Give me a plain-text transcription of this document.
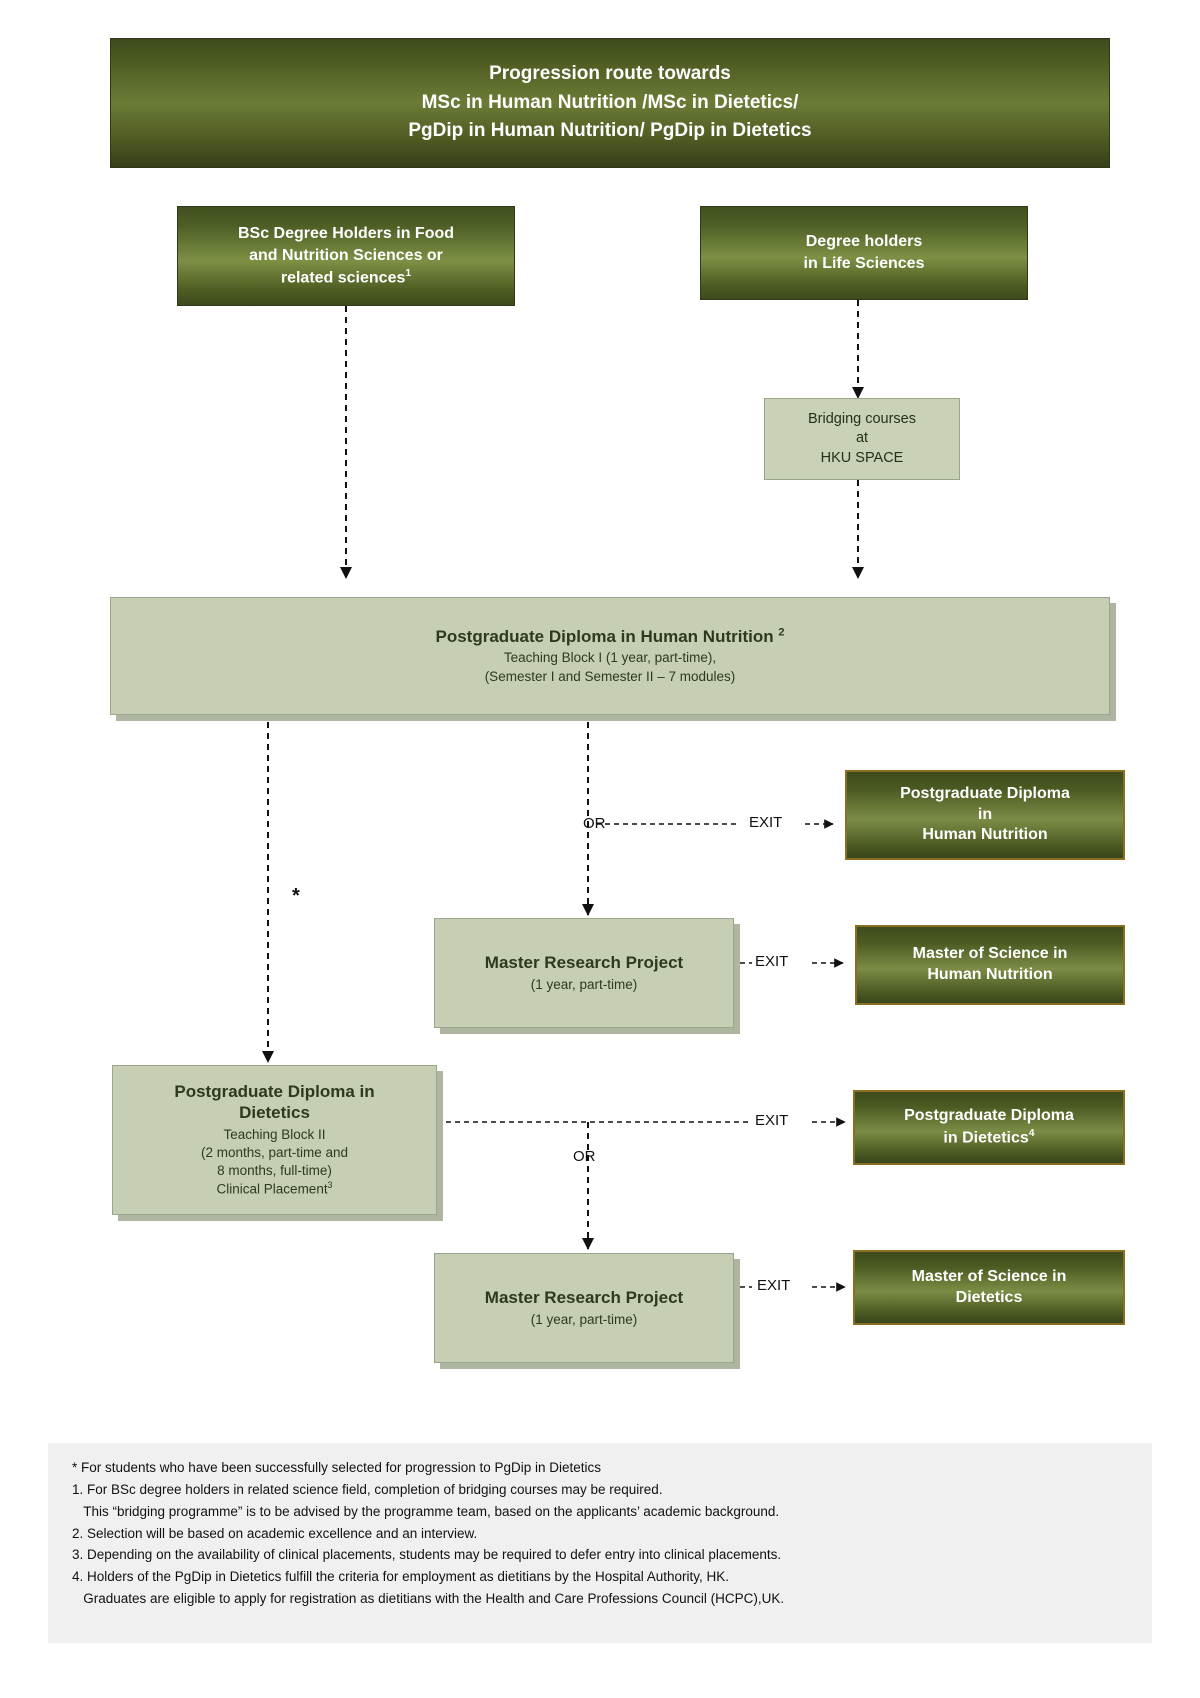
Progression route towards
MSc in Human Nutrition /MSc in Dietetics/
PgDip in Human Nutrition/ PgDip in Dietetics
BSc Degree Holders in Food
and Nutrition Sciences or
related sciences$^1$
Degree holders
in Life Sciences
Bridging courses
at
HKU SPACE
Postgraduate Diploma in Human Nutrition $^2$
Teaching Block I (1 year, part-time),
(Semester I and Semester II – 7 modules)
OR	EXIT
*
Postgraduate Diploma
in
Human Nutrition
Master Research Project
(1 year, part-time)
EXIT	Master of Science in
Human Nutrition
Postgraduate Diploma in
Dietetics
Teaching Block II
(2 months, part-time and
8 months, full-time)
Clinical Placement$^3$
OR
EXIT	Postgraduate Diploma
in Dietetics$^4$
Master Research Project
(1 year, part-time)
EXIT
Master of Science in
Dietetics
* For students who have been successfully selected for progression to PgDip in Dietetics
1. For BSc degree holders in related science field, completion of bridging courses may be required.
This “bridging programme” is to be advised by the programme team, based on the applicants’ academic background.
2. Selection will be based on academic excellence and an interview.
3. Depending on the availability of clinical placements, students may be required to defer entry into clinical placements.
4. Holders of the PgDip in Dietetics fulfill the criteria for employment as dietitians by the Hospital Authority, HK.
Graduates are eligible to apply for registration as dietitians with the Health and Care Professions Council (HCPC),UK.
